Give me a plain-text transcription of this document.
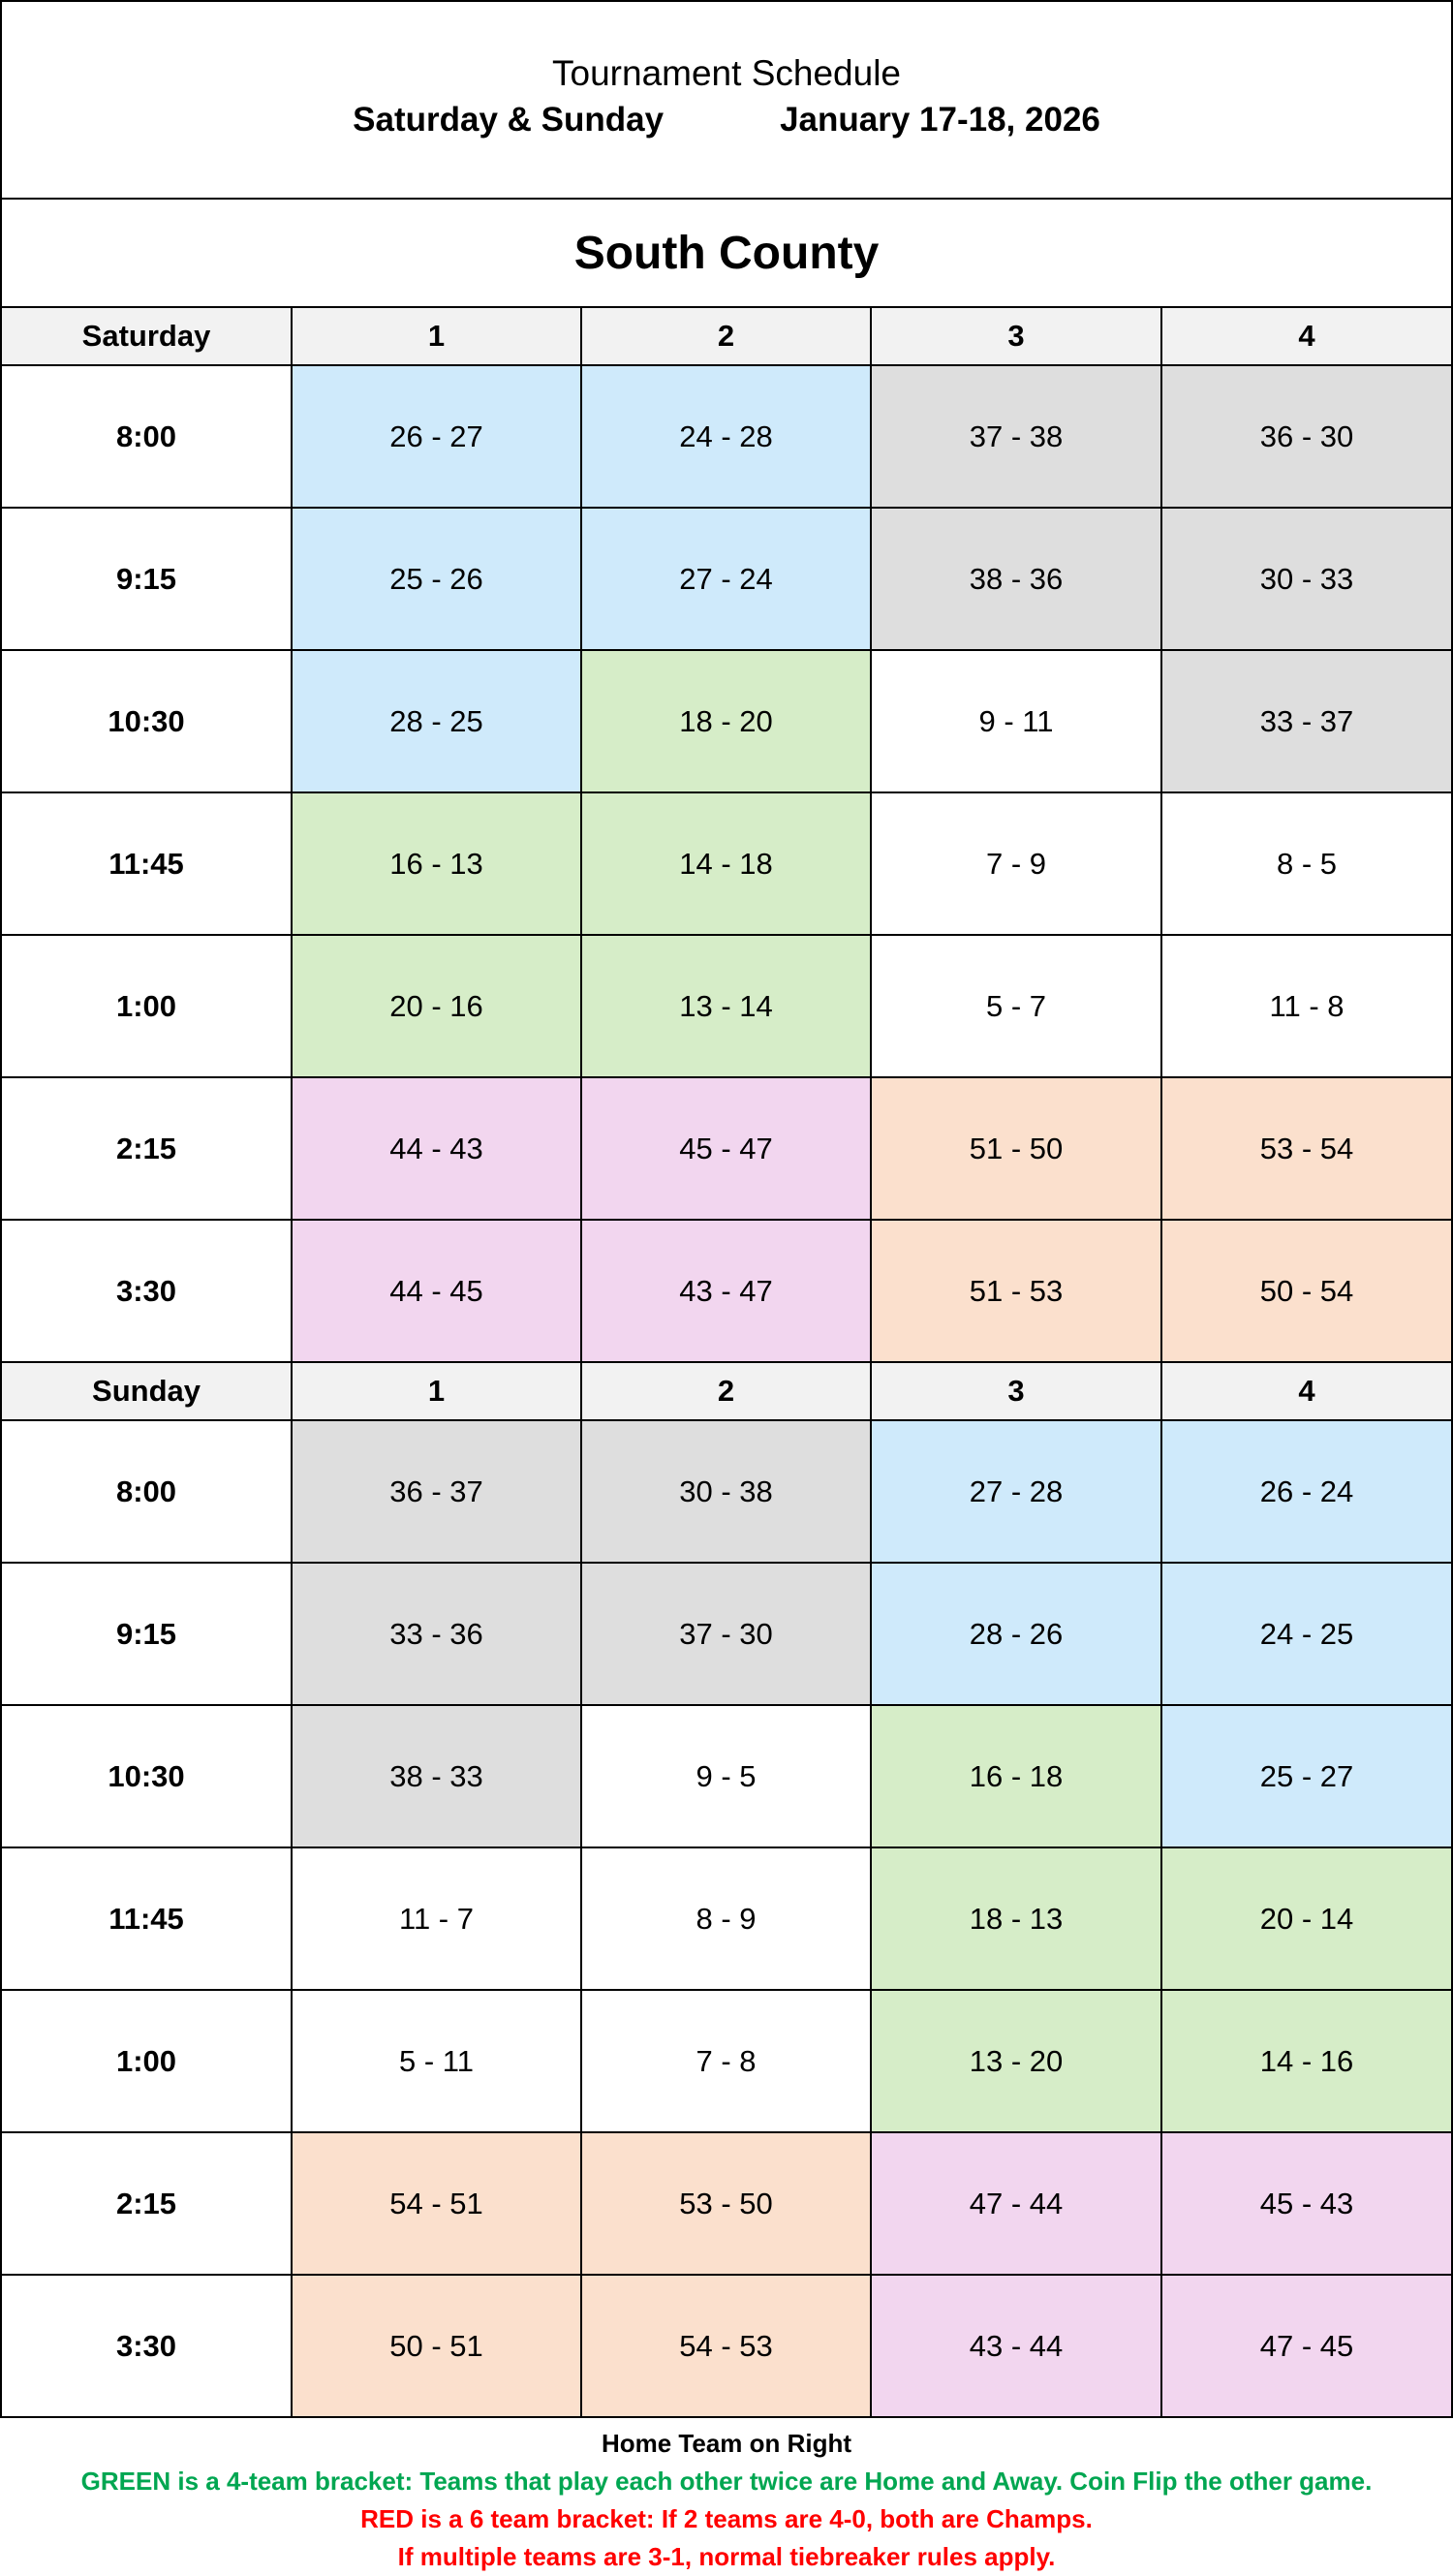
Tournament Schedule
Saturday & Sunday January 17-18, 2026				

South County				
Saturday	1	2	3	4
8:00	26 - 27	24 - 28	37 - 38	36 - 30
9:15	25 - 26	27 - 24	38 - 36	30 - 33
10:30	28 - 25	18 - 20	9 - 11	33 - 37
11:45	16 - 13	14 - 18	7 - 9	8 - 5
1:00	20 - 16	13 - 14	5 - 7	11 - 8
2:15	44 - 43	45 - 47	51 - 50	53 - 54
3:30	44 - 45	43 - 47	51 - 53	50 - 54
Sunday	1	2	3	4
8:00	36 - 37	30 - 38	27 - 28	26 - 24
9:15	33 - 36	37 - 30	28 - 26	24 - 25
10:30	38 - 33	9 - 5	16 - 18	25 - 27
11:45	11 - 7	8 - 9	18 - 13	20 - 14
1:00	5 - 11	7 - 8	13 - 20	14 - 16
2:15	54 - 51	53 - 50	47 - 44	45 - 43
3:30	50 - 51	54 - 53	43 - 44	47 - 45
Home Team on Right
GREEN is a 4-team bracket: Teams that play each other twice are Home and Away. Coin Flip the other game.
RED is a 6 team bracket: If 2 teams are 4-0, both are Champs.
If multiple teams are 3-1, normal tiebreaker rules apply.
